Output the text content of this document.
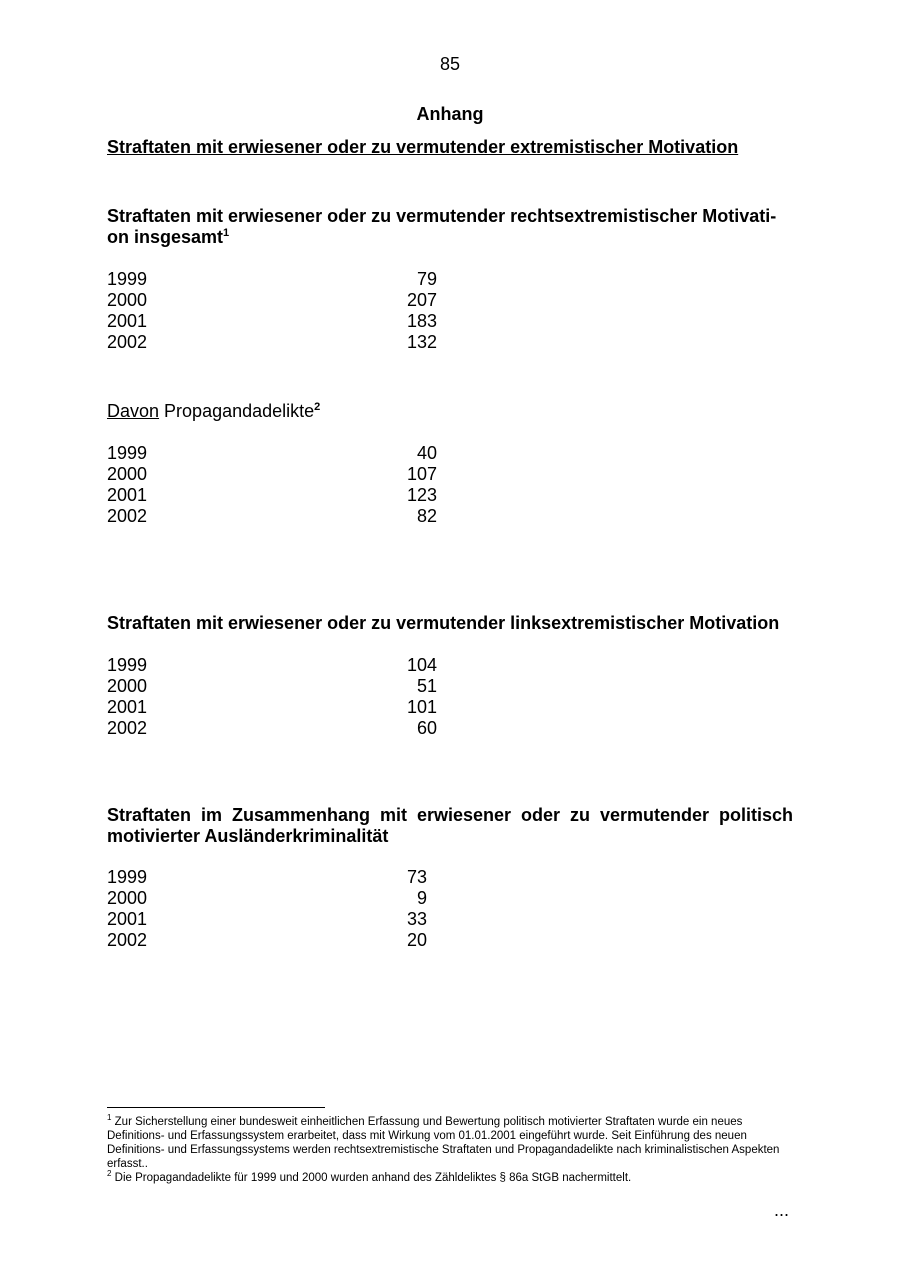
85
Anhang
Straftaten mit erwiesener oder zu vermutender extremistischer Motivation
Straftaten mit erwiesener oder zu vermutender rechtsextremistischer Motivati-
on insgesamt$^1$
1999	79
2000	207
2001	183
2002	132
Davon Propagandadelikte$^2$
1999	40
2000	107
2001	123
2002	82
Straftaten mit erwiesener oder zu vermutender linksextremistischer Motivation
1999	104
2000	51
2001	101
2002	60
Straftaten im Zusammenhang mit erwiesener oder zu vermutender politisch motivierter Ausländerkriminalität
1999	73
2000	9
2001	33
2002	20
$^1$ Zur Sicherstellung einer bundesweit einheitlichen Erfassung und Bewertung politisch motivierter Straftaten wurde ein neues Definitions- und Erfassungssystem erarbeitet, dass mit Wirkung vom 01.01.2001 eingeführt wurde. Seit Einführung des neuen Definitions- und Erfassungssystems werden rechtsextremistische Straftaten und Propagandadelikte nach kriminalistischen Aspekten erfasst..
$^2$ Die Propagandadelikte für 1999 und 2000 wurden anhand des Zähldeliktes § 86a StGB nachermittelt.
...
